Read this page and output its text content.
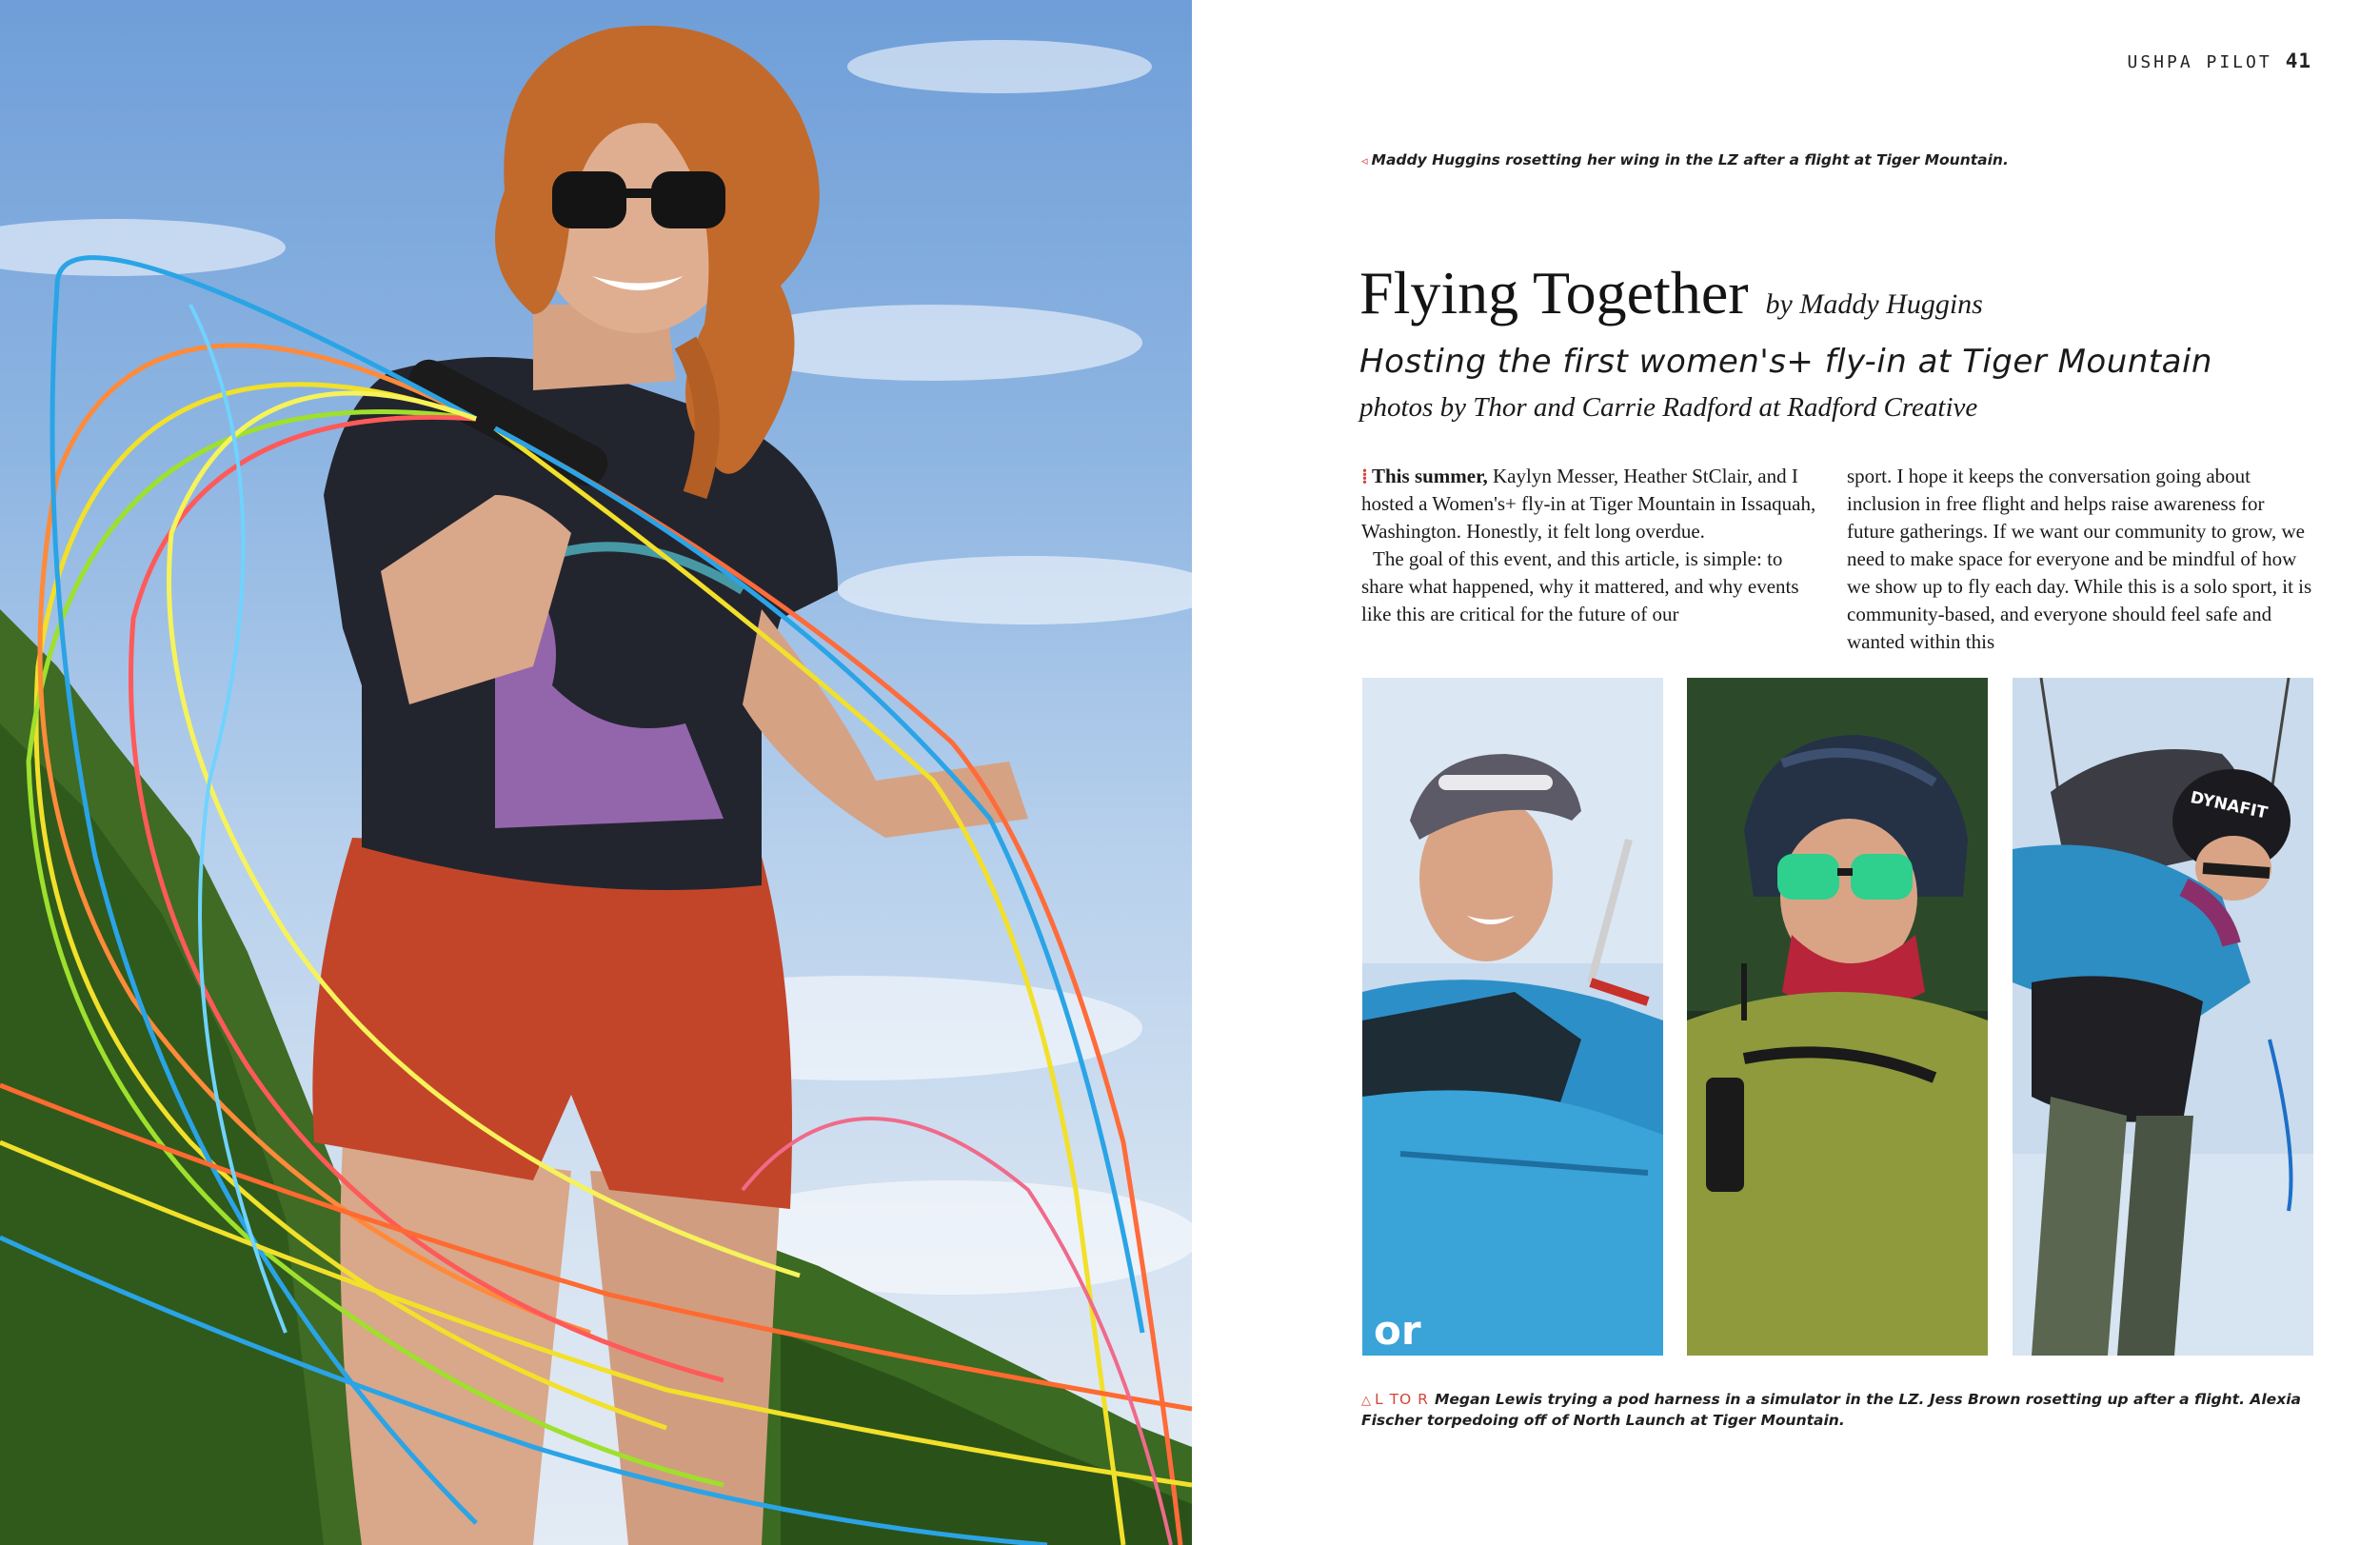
USHPA PILOT 41
◃ Maddy Huggins rosetting her wing in the LZ after a flight at Tiger Mountain.
Flying Together by Maddy Huggins
Hosting the first women's+ fly-in at Tiger Mountain
photos by Thor and Carrie Radford at Radford Creative

⁞ This summer, Kaylyn Messer, Heather StClair, and I hosted a Women's+ fly-in at Tiger Mountain in Issaquah, Washington. Honestly, it felt long overdue.

The goal of this event, and this article, is simple: to share what happened, why it mattered, and why events like this are critical for the future of our

sport. I hope it keeps the conversation going about inclusion in free flight and helps raise awareness for future gatherings. If we want our community to grow, we need to make space for everyone and be mindful of how we show up to fly each day. While this is a solo sport, it is community-based, and everyone should feel safe and wanted within this

or
DYNAFIT
△ L TO R Megan Lewis trying a pod harness in a simulator in the LZ. Jess Brown rosetting up after a flight. Alexia Fischer torpedoing off of North Launch at Tiger Mountain.
